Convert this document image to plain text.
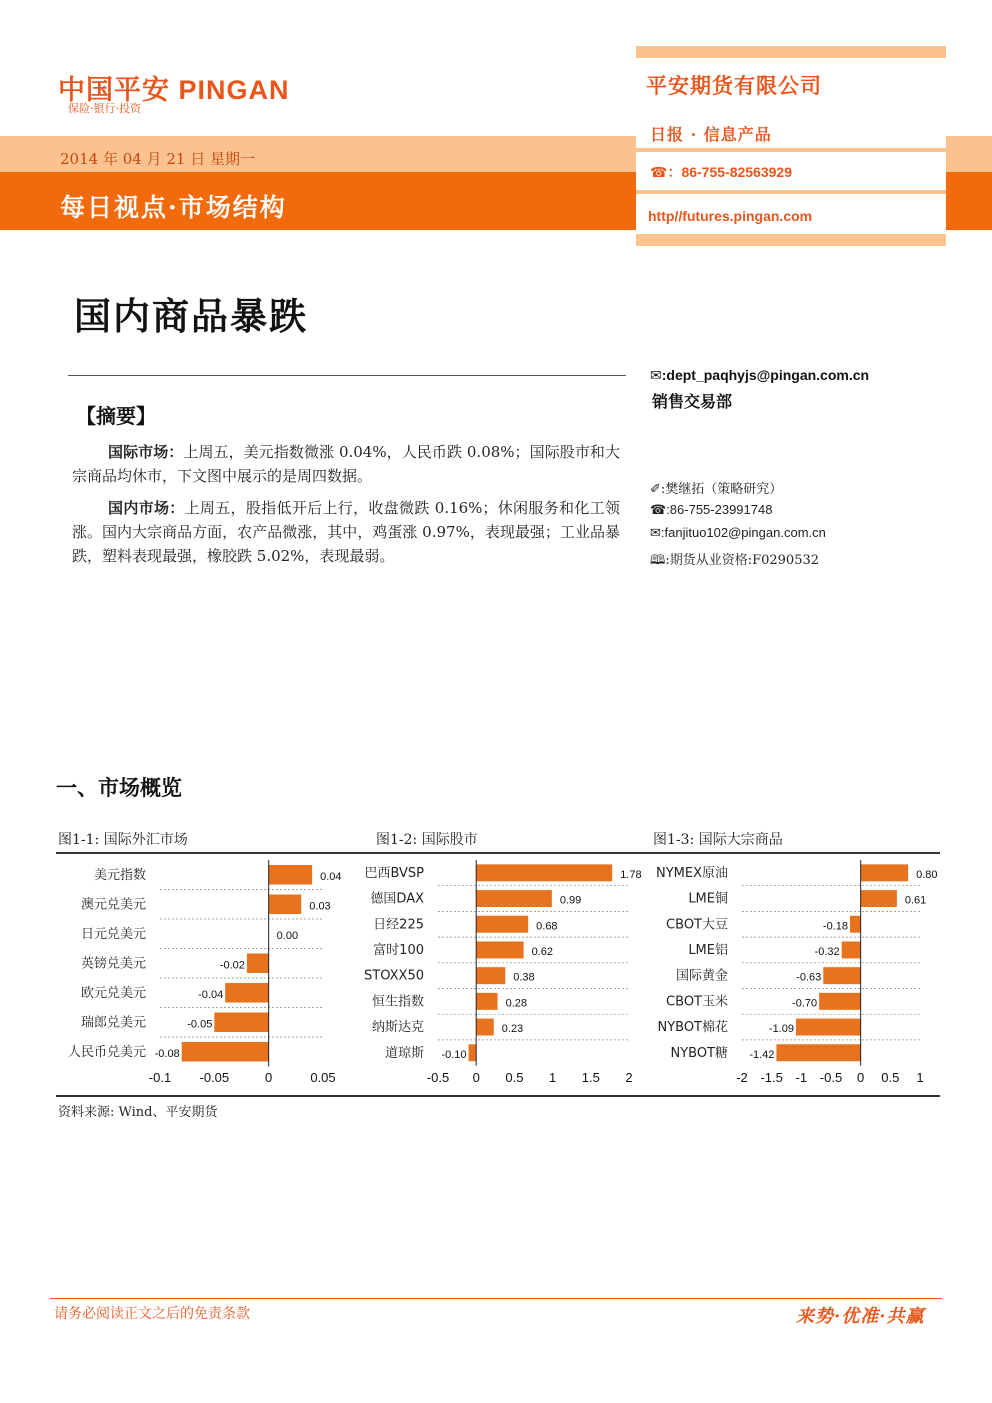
中国平安 PINGAN
保险·银行·投资
2014 年 04 月 21 日 星期一
每日视点·市场结构
平安期货有限公司
日报 · 信息产品
☎：86-755-82563929
http//futures.pingan.com
国内商品暴跌
【摘要】
国际市场：上周五，美元指数微涨 0.04%，人民币跌 0.08%；国际股市和大宗商品均休市，下文图中展示的是周四数据。
国内市场：上周五，股指低开后上行，收盘微跌 0.16%；休闲服务和化工领涨。国内大宗商品方面，农产品微涨，其中，鸡蛋涨 0.97%，表现最强；工业品暴跌，塑料表现最强，橡胶跌 5.02%，表现最弱。
✉:dept_paqhyjs@pingan.com.cn
销售交易部
✐:樊继拓（策略研究）
☎:86-755-23991748
✉:fanjituo102@pingan.com.cn
🕮:期货从业资格:F0290532
一、市场概览
图1-1: 国际外汇市场	图1-2: 国际股市	图1-3: 国际大宗商品
美元指数	0.04
澳元兑美元	0.03
日元兑美元	0.00
英镑兑美元	-0.02
欧元兑美元	-0.04
瑞郎兑美元	-0.05
人民币兑美元 -0.08
-0.1 -0.05	0	0.05
巴西BVSP	1.78
德国DAX	0.99
日经225	0.68
富时100	0.62
STOXX50	0.38
恒生指数	0.28
纳斯达克	0.23
道琼斯 -0.10
-0.5 0 0.5 1 1.5 2
NYMEX原油	0.80
LME铜	0.61
CBOT大豆	-0.18
LME铝	-0.32
国际黄金	-0.63
CBOT玉米	-0.70
NYBOT棉花	-1.09
NYBOT糖 -1.42
-2 -1.5 -1 -0.5 0 0.5 1
资料来源: Wind、平安期货
请务必阅读正文之后的免责条款	来势·优准·共赢
